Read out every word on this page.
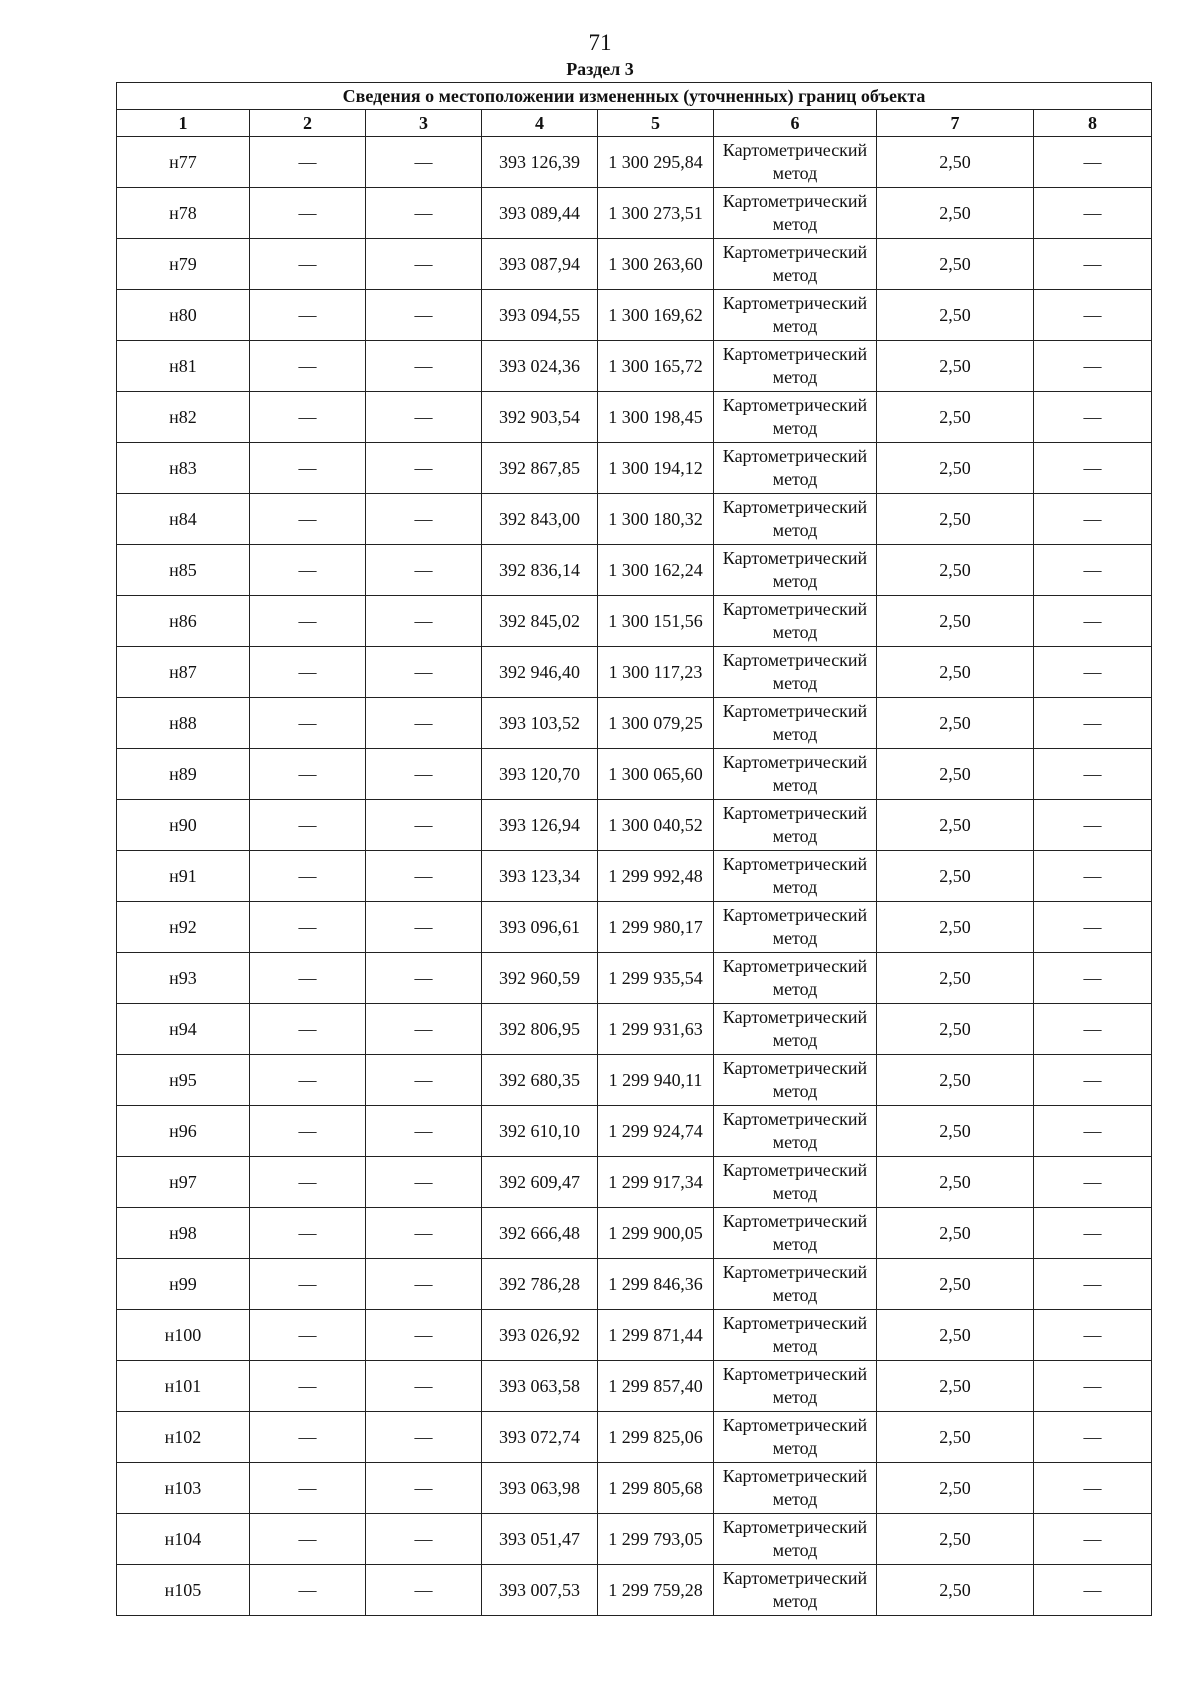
71
Раздел 3
Сведения о местоположении измененных (уточненных) границ объекта							
1	2	3	4	5	6	7	8
н77	—	—	393 126,39	1 300 295,84	Картометрический метод	2,50	—
н78	—	—	393 089,44	1 300 273,51	Картометрический метод	2,50	—
н79	—	—	393 087,94	1 300 263,60	Картометрический метод	2,50	—
н80	—	—	393 094,55	1 300 169,62	Картометрический метод	2,50	—
н81	—	—	393 024,36	1 300 165,72	Картометрический метод	2,50	—
н82	—	—	392 903,54	1 300 198,45	Картометрический метод	2,50	—
н83	—	—	392 867,85	1 300 194,12	Картометрический метод	2,50	—
н84	—	—	392 843,00	1 300 180,32	Картометрический метод	2,50	—
н85	—	—	392 836,14	1 300 162,24	Картометрический метод	2,50	—
н86	—	—	392 845,02	1 300 151,56	Картометрический метод	2,50	—
н87	—	—	392 946,40	1 300 117,23	Картометрический метод	2,50	—
н88	—	—	393 103,52	1 300 079,25	Картометрический метод	2,50	—
н89	—	—	393 120,70	1 300 065,60	Картометрический метод	2,50	—
н90	—	—	393 126,94	1 300 040,52	Картометрический метод	2,50	—
н91	—	—	393 123,34	1 299 992,48	Картометрический метод	2,50	—
н92	—	—	393 096,61	1 299 980,17	Картометрический метод	2,50	—
н93	—	—	392 960,59	1 299 935,54	Картометрический метод	2,50	—
н94	—	—	392 806,95	1 299 931,63	Картометрический метод	2,50	—
н95	—	—	392 680,35	1 299 940,11	Картометрический метод	2,50	—
н96	—	—	392 610,10	1 299 924,74	Картометрический метод	2,50	—
н97	—	—	392 609,47	1 299 917,34	Картометрический метод	2,50	—
н98	—	—	392 666,48	1 299 900,05	Картометрический метод	2,50	—
н99	—	—	392 786,28	1 299 846,36	Картометрический метод	2,50	—
н100	—	—	393 026,92	1 299 871,44	Картометрический метод	2,50	—
н101	—	—	393 063,58	1 299 857,40	Картометрический метод	2,50	—
н102	—	—	393 072,74	1 299 825,06	Картометрический метод	2,50	—
н103	—	—	393 063,98	1 299 805,68	Картометрический метод	2,50	—
н104	—	—	393 051,47	1 299 793,05	Картометрический метод	2,50	—
н105	—	—	393 007,53	1 299 759,28	Картометрический метод	2,50	—
